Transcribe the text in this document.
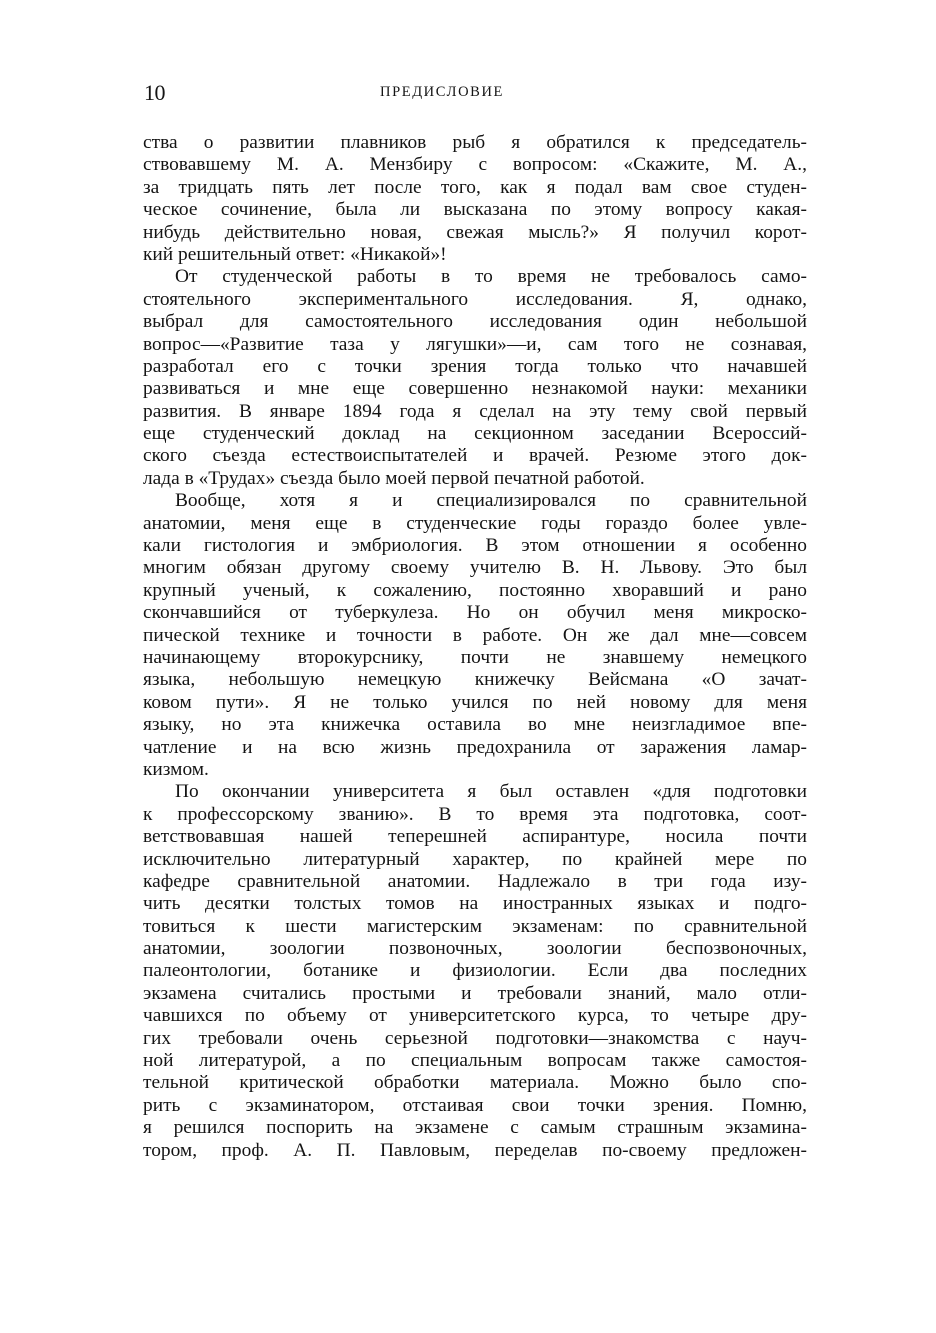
10	ПРЕДИСЛОВИЕ
ства о развитии плавников рыб я обратился к председатель-
ствовавшему М. А. Мензбиру с вопросом: «Скажите, М. А.,
за тридцать пять лет после того, как я подал вам свое студен-
ческое сочинение, была ли высказана по этому вопросу какая-
нибудь действительно новая, свежая мысль?» Я получил корот-
кий решительный ответ: «Никакой»!
От студенческой работы в то время не требовалось само-
стоятельного экспериментального исследования. Я, однако,
выбрал для самостоятельного исследования один небольшой
вопрос—«Развитие таза у лягушки»—и, сам того не сознавая,
разработал его с точки зрения тогда только что начавшей
развиваться и мне еще совершенно незнакомой науки: механики
развития. В январе 1894 года я сделал на эту тему свой первый
еще студенческий доклад на секционном заседании Всероссий-
ского съезда естествоиспытателей и врачей. Резюме этого док-
лада в «Трудах» съезда было моей первой печатной работой.
Вообще, хотя я и специализировался по сравнительной
анатомии, меня еще в студенческие годы гораздо более увле-
кали гистология и эмбриология. В этом отношении я особенно
многим обязан другому своему учителю В. Н. Львову. Это был
крупный ученый, к сожалению, постоянно хворавший и рано
скончавшийся от туберкулеза. Но он обучил меня микроско-
пической технике и точности в работе. Он же дал мне—совсем
начинающему второкурснику, почти не знавшему немецкого
языка, небольшую немецкую книжечку Вейсмана «О зачат-
ковом пути». Я не только учился по ней новому для меня
языку, но эта книжечка оставила во мне неизгладимое впе-
чатление и на всю жизнь предохранила от заражения ламар-
кизмом.
По окончании университета я был оставлен «для подготовки
к профессорскому званию». В то время эта подготовка, соот-
ветствовавшая нашей теперешней аспирантуре, носила почти
исключительно литературный характер, по крайней мере по
кафедре сравнительной анатомии. Надлежало в три года изу-
чить десятки толстых томов на иностранных языках и подго-
товиться к шести магистерским экзаменам: по сравнительной
анатомии, зоологии позвоночных, зоологии беспозвоночных,
палеонтологии, ботанике и физиологии. Если два последних
экзамена считались простыми и требовали знаний, мало отли-
чавшихся по объему от университетского курса, то четыре дру-
гих требовали очень серьезной подготовки—знакомства с науч-
ной литературой, а по специальным вопросам также самостоя-
тельной критической обработки материала. Можно было спо-
рить с экзаминатором, отстаивая свои точки зрения. Помню,
я решился поспорить на экзамене с самым страшным экзамина-
тором, проф. А. П. Павловым, переделав по-своему предложен-
